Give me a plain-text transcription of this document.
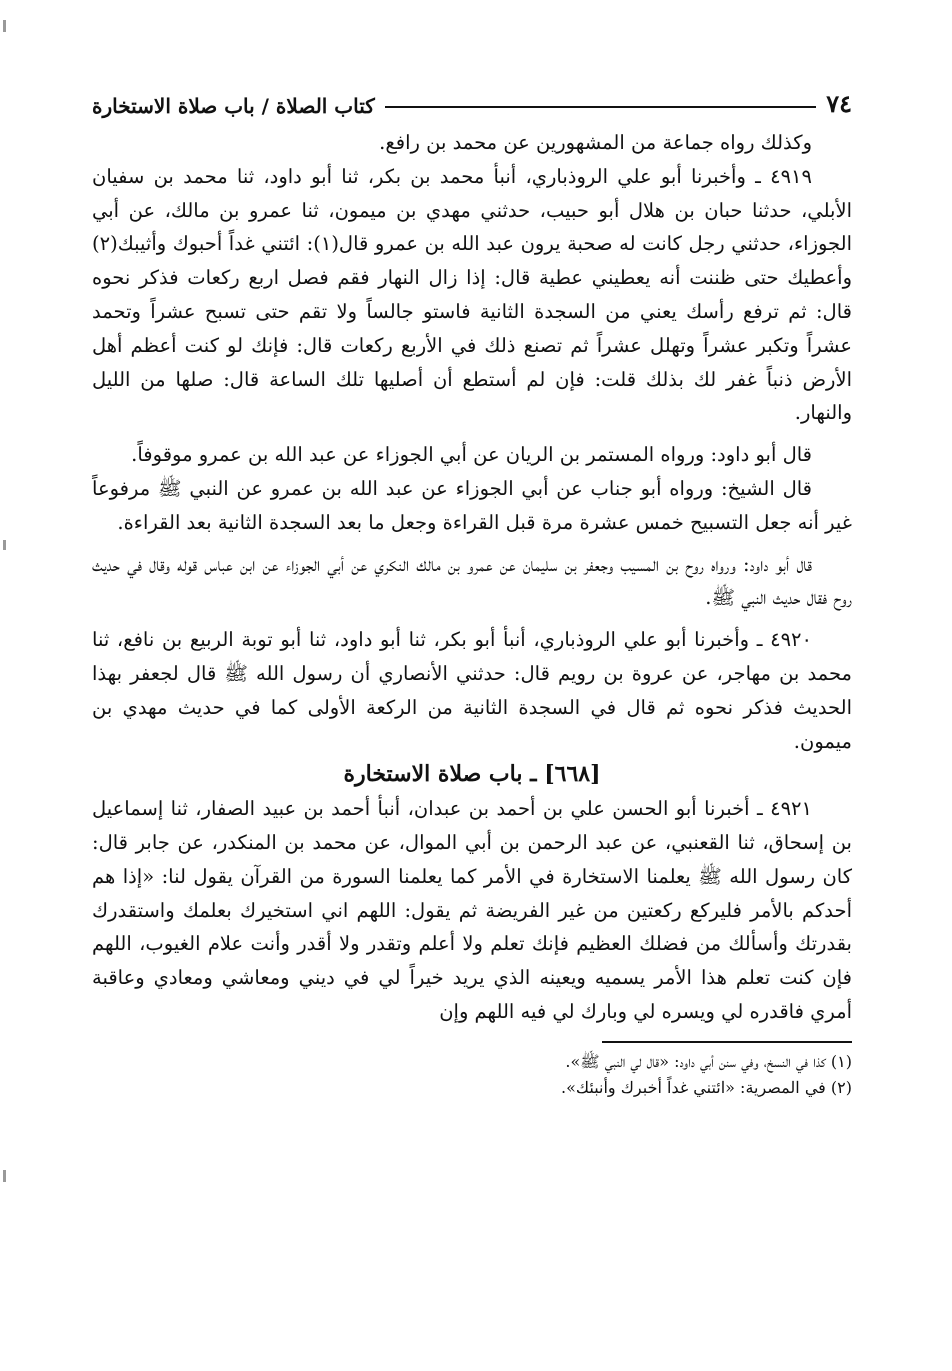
٧٤
كتاب الصلاة / باب صلاة الاستخارة

وكذلك رواه جماعة من المشهورين عن محمد بن رافع.

٤٩١٩ ـ وأخبرنا أبو علي الروذباري، أنبأ محمد بن بكر، ثنا أبو داود، ثنا محمد بن سفيان الأبلي، حدثنا حبان بن هلال أبو حبيب، حدثني مهدي بن ميمون، ثنا عمرو بن مالك، عن أبي الجوزاء، حدثني رجل كانت له صحبة يرون عبد الله بن عمرو قال(١): ائتني غداً أحبوك وأثيبك(٢) وأعطيك حتى ظننت أنه يعطيني عطية قال: إذا زال النهار فقم فصل اربع ركعات فذكر نحوه قال: ثم ترفع رأسك يعني من السجدة الثانية فاستو جالساً ولا تقم حتى تسبح عشراً وتحمد عشراً وتكبر عشراً وتهلل عشراً ثم تصنع ذلك في الأربع ركعات قال: فإنك لو كنت أعظم أهل الأرض ذنباً غفر لك بذلك قلت: فإن لم أستطع أن أصليها تلك الساعة قال: صلها من الليل والنهار.

قال أبو داود: ورواه المستمر بن الريان عن أبي الجوزاء عن عبد الله بن عمرو موقوفاً.

قال الشيخ: ورواه أبو جناب عن أبي الجوزاء عن عبد الله بن عمرو عن النبي ﷺ مرفوعاً غير أنه جعل التسبيح خمس عشرة مرة قبل القراءة وجعل ما بعد السجدة الثانية بعد القراءة.

قال أبو داود: ورواه روح بن المسيب وجعفر بن سليمان عن عمرو بن مالك النكري عن أبي الجوزاء عن ابن عباس قوله وقال في حديث روح فقال حديث النبي ﷺ.

٤٩٢٠ ـ وأخبرنا أبو علي الروذباري، أنبأ أبو بكر، ثنا أبو داود، ثنا أبو توبة الربيع بن نافع، ثنا محمد بن مهاجر، عن عروة بن رويم قال: حدثني الأنصاري أن رسول الله ﷺ قال لجعفر بهذا الحديث فذكر نحوه ثم قال في السجدة الثانية من الركعة الأولى كما في حديث مهدي بن ميمون.

[٦٦٨] ـ باب صلاة الاستخارة

٤٩٢١ ـ أخبرنا أبو الحسن علي بن أحمد بن عبدان، أنبأ أحمد بن عبيد الصفار، ثنا إسماعيل بن إسحاق، ثنا القعنبي، عن عبد الرحمن بن أبي الموال، عن محمد بن المنكدر، عن جابر قال: كان رسول الله ﷺ يعلمنا الاستخارة في الأمر كما يعلمنا السورة من القرآن يقول لنا: «إذا هم أحدكم بالأمر فليركع ركعتين من غير الفريضة ثم يقول: اللهم اني استخيرك بعلمك واستقدرك بقدرتك وأسألك من فضلك العظيم فإنك تعلم ولا أعلم وتقدر ولا أقدر وأنت علام الغيوب، اللهم فإن كنت تعلم هذا الأمر يسميه ويعينه الذي يريد خيراً لي في ديني ومعاشي ومعادي وعاقبة أمري فاقدره لي ويسره لي وبارك لي فيه اللهم وإن

(١) كذا في النسخ، وفي سنن أبي داود: «قال لي النبي ﷺ».
(٢) في المصرية: «ائتني غداً أخبرك وأنبئك».
